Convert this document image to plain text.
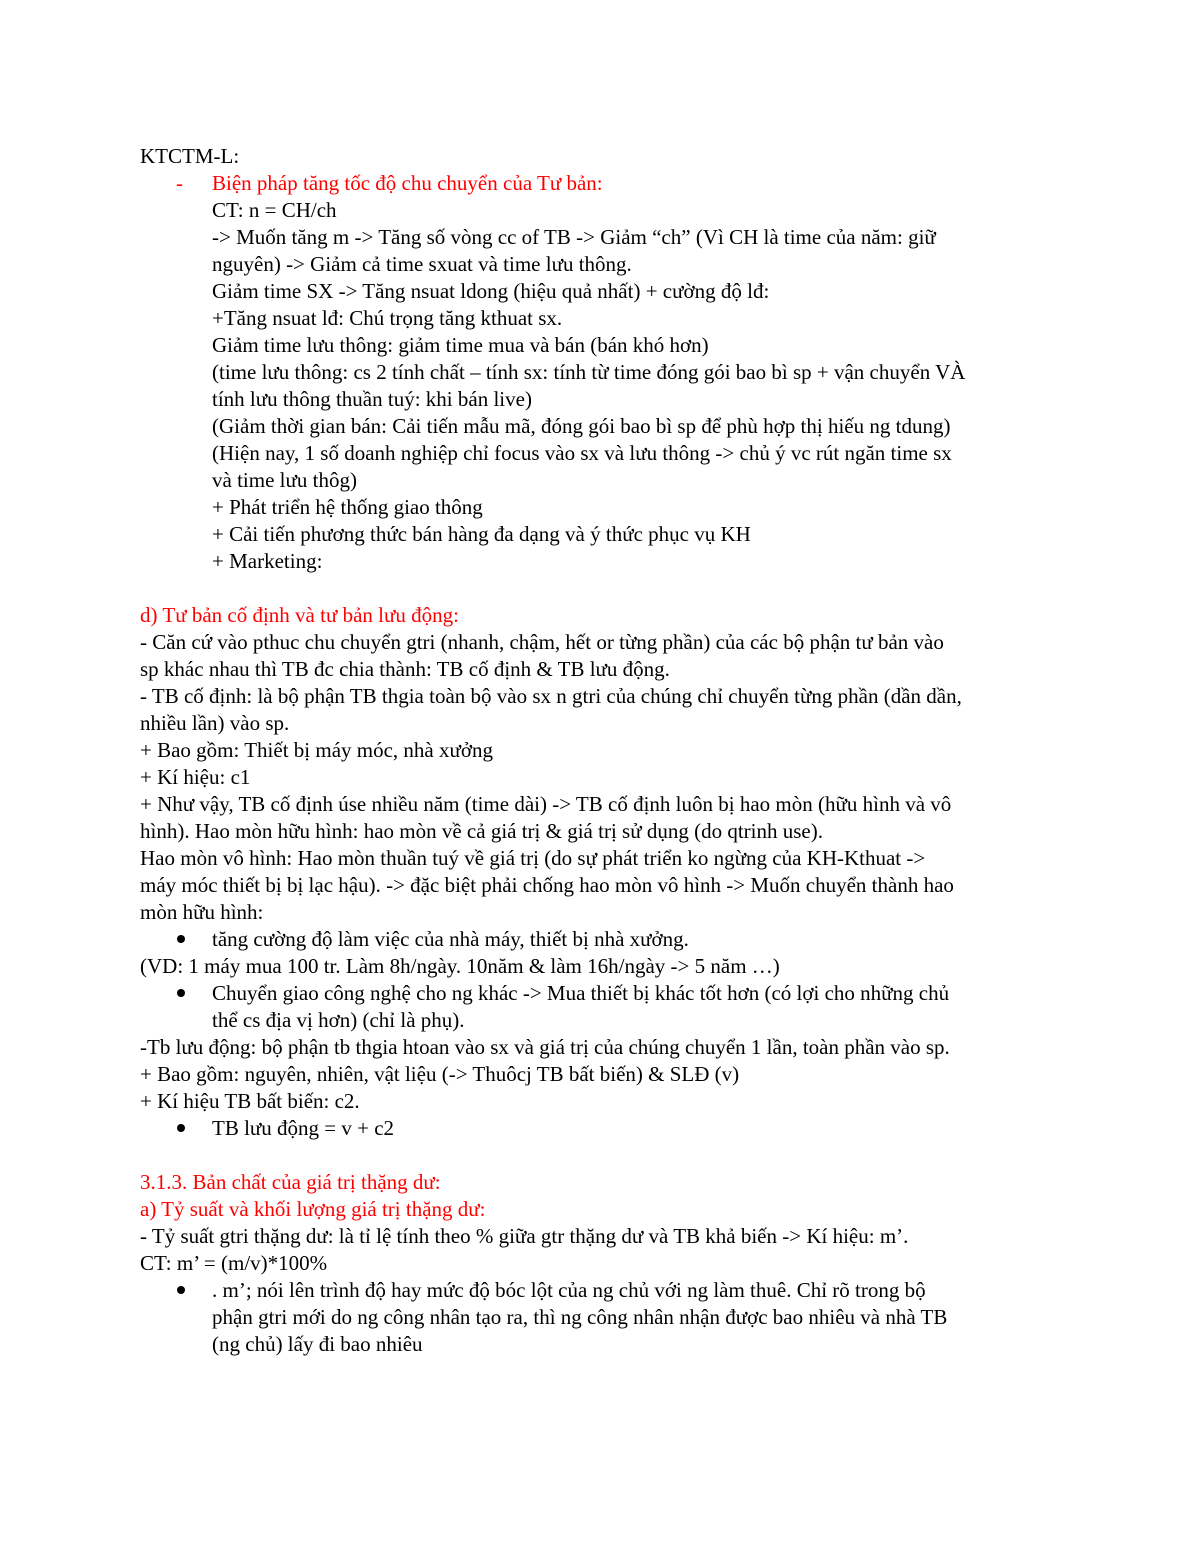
KTCTM-L:
- Biện pháp tăng tốc độ chu chuyển của Tư bản:
CT: n = CH/ch
-> Muốn tăng m -> Tăng số vòng cc of TB -> Giảm “ch” (Vì CH là time của năm: giữ
nguyên) -> Giảm cả time sxuat và time lưu thông.
Giảm time SX -> Tăng nsuat ldong (hiệu quả nhất) + cường độ lđ:
+Tăng nsuat lđ: Chú trọng tăng kthuat sx.
Giảm time lưu thông: giảm time mua và bán (bán khó hơn)
(time lưu thông: cs 2 tính chất – tính sx: tính từ time đóng gói bao bì sp + vận chuyển VÀ
tính lưu thông thuần tuý: khi bán live)
(Giảm thời gian bán: Cải tiến mẫu mã, đóng gói bao bì sp để phù hợp thị hiếu ng tdung)
(Hiện nay, 1 số doanh nghiệp chỉ focus vào sx và lưu thông -> chủ ý vc rút ngăn time sx
và time lưu thôg)
+ Phát triển hệ thống giao thông
+ Cải tiến phương thức bán hàng đa dạng và ý thức phục vụ KH
+ Marketing:
d) Tư bản cố định và tư bản lưu động:
- Căn cứ vào pthuc chu chuyển gtri (nhanh, chậm, hết or từng phần) của các bộ phận tư bản vào
sp khác nhau thì TB đc chia thành: TB cố định & TB lưu động.
- TB cố định: là bộ phận TB thgia toàn bộ vào sx n gtri của chúng chỉ chuyển từng phần (dần dần,
nhiều lần) vào sp.
+ Bao gồm: Thiết bị máy móc, nhà xưởng
+ Kí hiệu: c1
+ Như vậy, TB cố định úse nhiều năm (time dài) -> TB cố định luôn bị hao mòn (hữu hình và vô
hình). Hao mòn hữu hình: hao mòn về cả giá trị & giá trị sử dụng (do qtrinh use).
Hao mòn vô hình: Hao mòn thuần tuý về giá trị (do sự phát triển ko ngừng của KH-Kthuat ->
máy móc thiết bị bị lạc hậu). -> đặc biệt phải chống hao mòn vô hình -> Muốn chuyển thành hao
mòn hữu hình:
tăng cường độ làm việc của nhà máy, thiết bị nhà xưởng.
(VD: 1 máy mua 100 tr. Làm 8h/ngày. 10năm & làm 16h/ngày -> 5 năm …)
Chuyển giao công nghệ cho ng khác -> Mua thiết bị khác tốt hơn (có lợi cho những chủ
thể cs địa vị hơn) (chỉ là phụ).
-Tb lưu động: bộ phận tb thgia htoan vào sx và giá trị của chúng chuyển 1 lần, toàn phần vào sp.
+ Bao gồm: nguyên, nhiên, vật liệu (-> Thuôcj TB bất biến) & SLĐ (v)
+ Kí hiệu TB bất biến: c2.
TB lưu động = v + c2
3.1.3. Bản chất của giá trị thặng dư:
a) Tỷ suất và khối lượng giá trị thặng dư:
- Tỷ suất gtri thặng dư: là tỉ lệ tính theo % giữa gtr thặng dư và TB khả biến -> Kí hiệu: m’.
CT: m’ = (m/v)*100%
. m’; nói lên trình độ hay mức độ bóc lột của ng chủ với ng làm thuê. Chỉ rõ trong bộ
phận gtri mới do ng công nhân tạo ra, thì ng công nhân nhận được bao nhiêu và nhà TB
(ng chủ) lấy đi bao nhiêu
